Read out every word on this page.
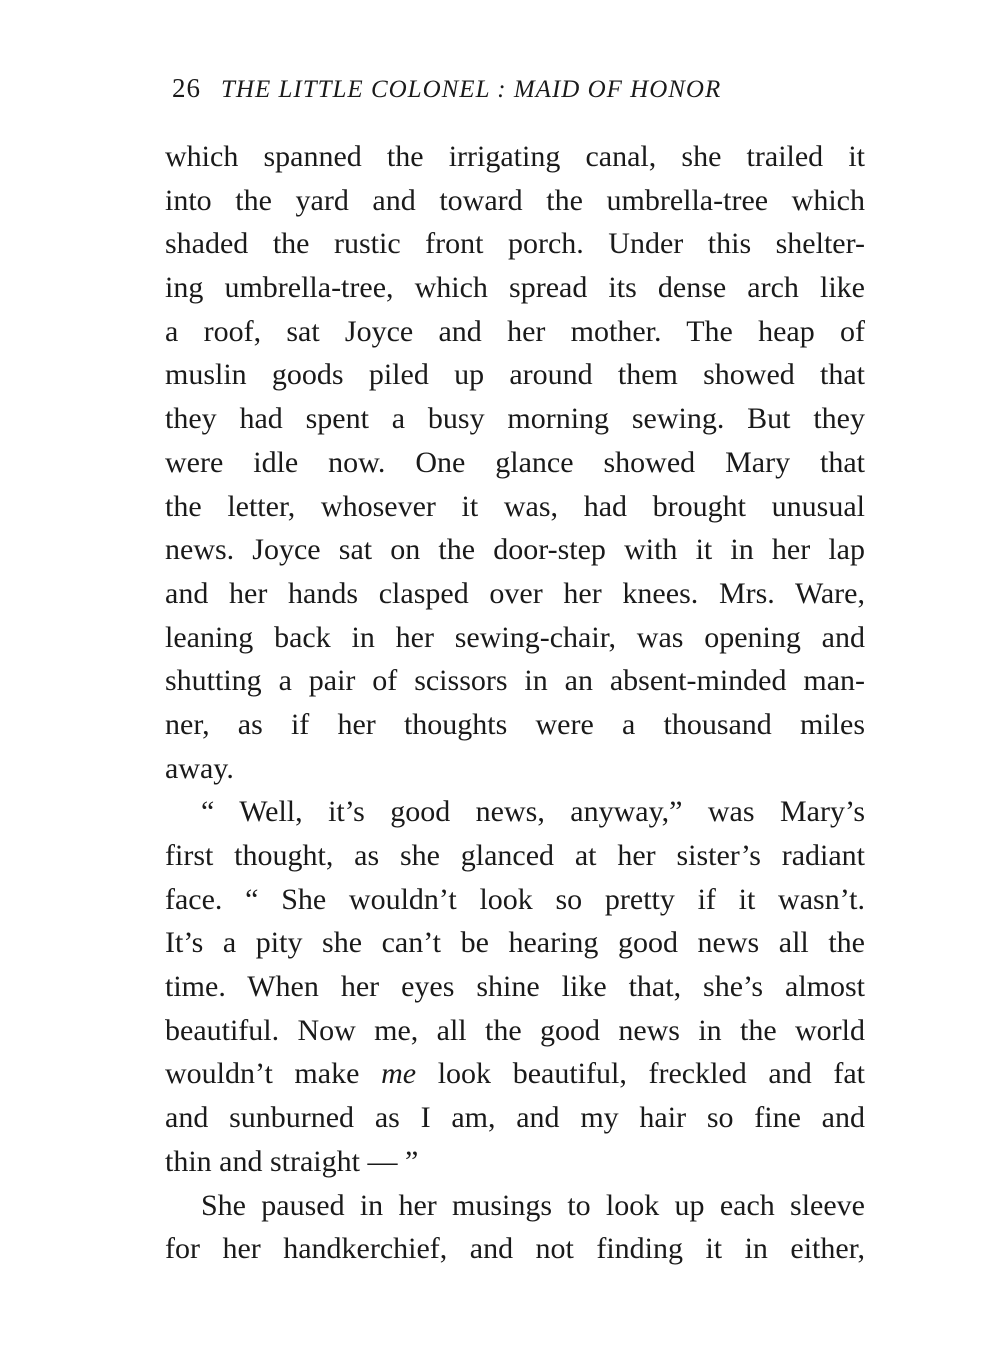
26 THE LITTLE COLONEL : MAID OF HONOR
which spanned the irrigating canal, she trailed it
into the yard and toward the umbrella-tree which
shaded the rustic front porch. Under this shelter-
ing umbrella-tree, which spread its dense arch like
a roof, sat Joyce and her mother. The heap of
muslin goods piled up around them showed that
they had spent a busy morning sewing. But they
were idle now. One glance showed Mary that
the letter, whosever it was, had brought unusual
news. Joyce sat on the door-step with it in her lap
and her hands clasped over her knees. Mrs. Ware,
leaning back in her sewing-chair, was opening and
shutting a pair of scissors in an absent-minded man-
ner, as if her thoughts were a thousand miles
away.
“ Well, it’s good news, anyway,” was Mary’s
first thought, as she glanced at her sister’s radiant
face. “ She wouldn’t look so pretty if it wasn’t.
It’s a pity she can’t be hearing good news all the
time. When her eyes shine like that, she’s almost
beautiful. Now me, all the good news in the world
wouldn’t make me look beautiful, freckled and fat
and sunburned as I am, and my hair so fine and
thin and straight — ”
She paused in her musings to look up each sleeve
for her handkerchief, and not finding it in either,
